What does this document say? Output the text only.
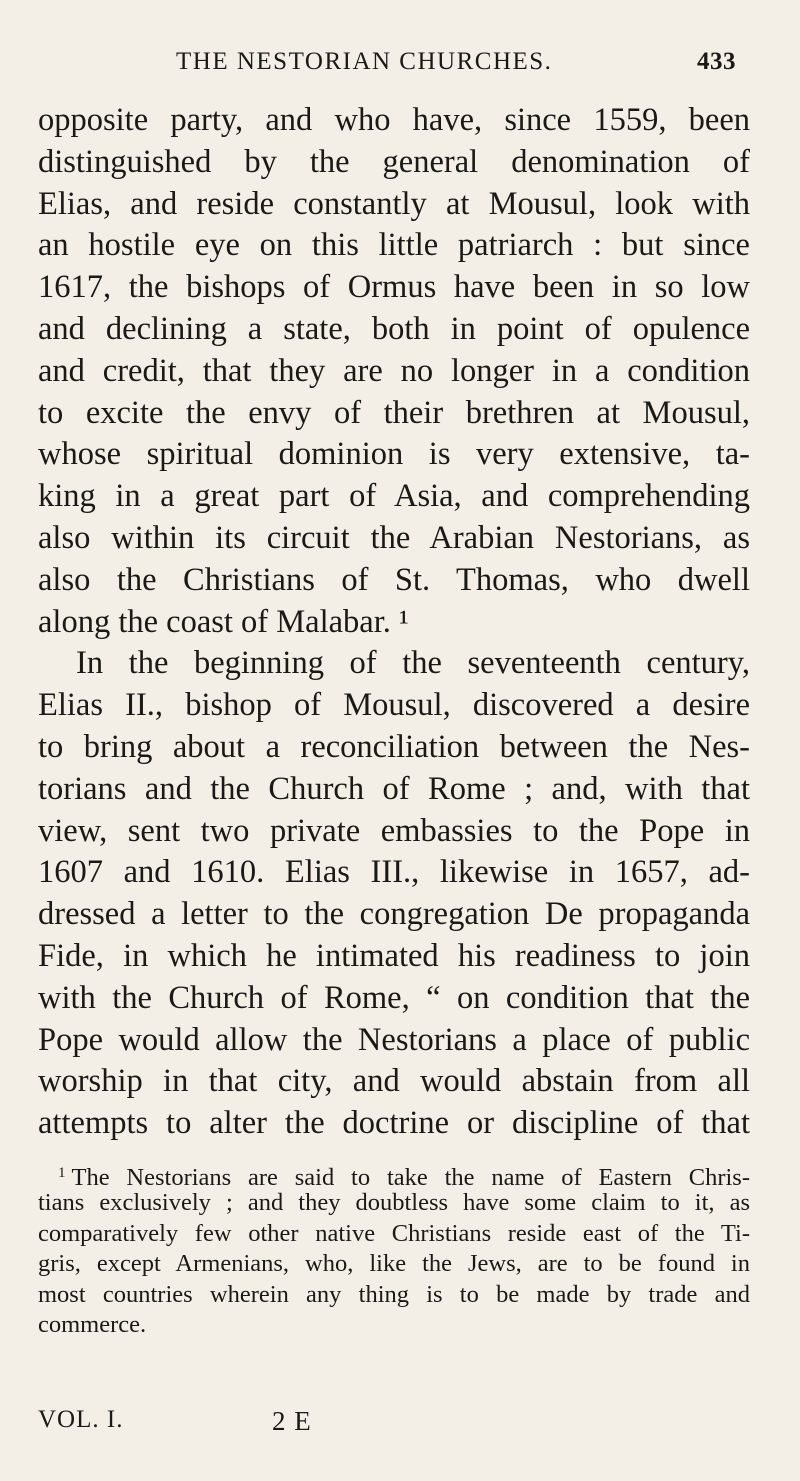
THE NESTORIAN CHURCHES.	433
opposite party, and who have, since 1559, been
distinguished by the general denomination of
Elias, and reside constantly at Mousul, look with
an hostile eye on this little patriarch : but since
1617, the bishops of Ormus have been in so low
and declining a state, both in point of opulence
and credit, that they are no longer in a condition
to excite the envy of their brethren at Mousul,
whose spiritual dominion is very extensive, ta-
king in a great part of Asia, and comprehending
also within its circuit the Arabian Nestorians, as
also the Christians of St. Thomas, who dwell
along the coast of Malabar. ¹
In the beginning of the seventeenth century,
Elias II., bishop of Mousul, discovered a desire
to bring about a reconciliation between the Nes-
torians and the Church of Rome ; and, with that
view, sent two private embassies to the Pope in
1607 and 1610. Elias III., likewise in 1657, ad-
dressed a letter to the congregation De propaganda
Fide, in which he intimated his readiness to join
with the Church of Rome, “ on condition that the
Pope would allow the Nestorians a place of public
worship in that city, and would abstain from all
attempts to alter the doctrine or discipline of that
$^1$ The Nestorians are said to take the name of Eastern Chris-
tians exclusively ; and they doubtless have some claim to it, as
comparatively few other native Christians reside east of the Ti-
gris, except Armenians, who, like the Jews, are to be found in
most countries wherein any thing is to be made by trade and
commerce.
VOL. I.	2 E
